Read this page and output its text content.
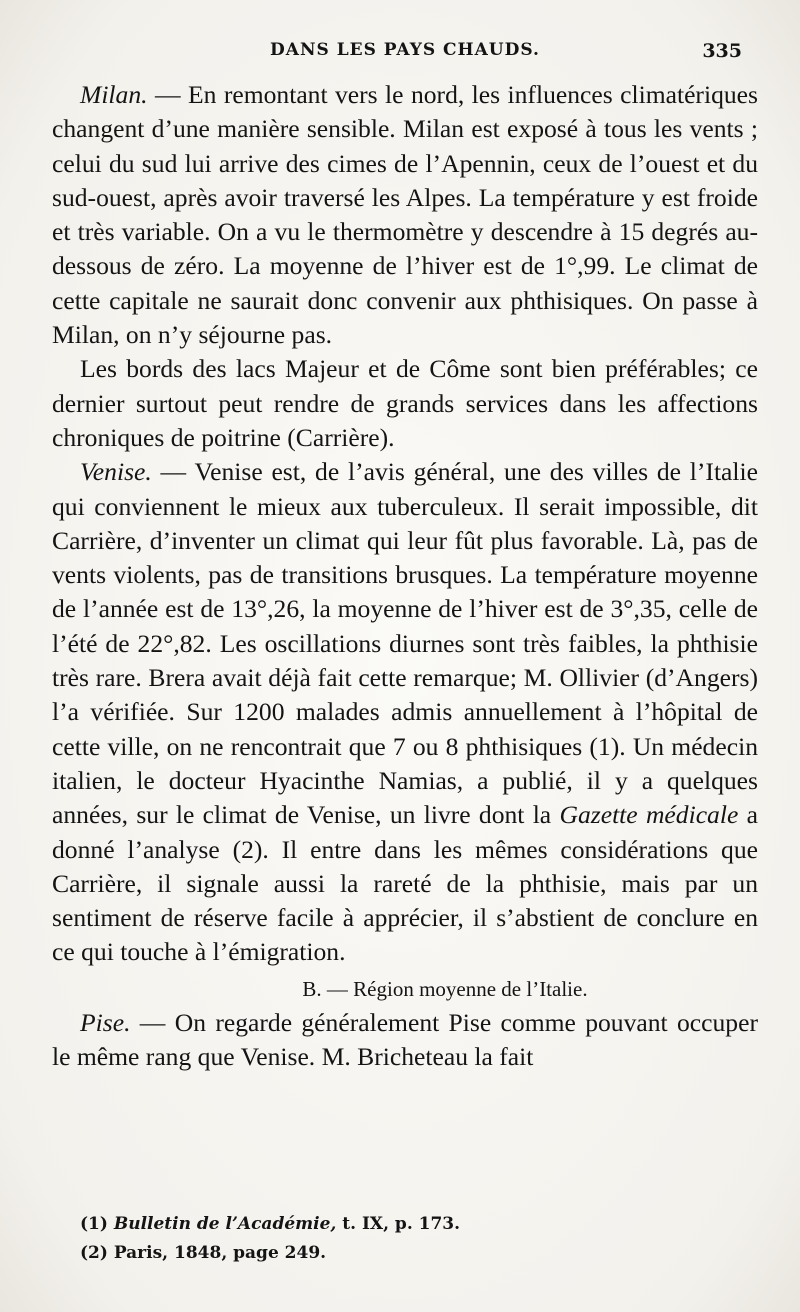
DANS LES PAYS CHAUDS.	335

Milan. — En remontant vers le nord, les influences climatériques changent d’une manière sensible. Milan est exposé à tous les vents ; celui du sud lui arrive des cimes de l’Apennin, ceux de l’ouest et du sud-ouest, après avoir traversé les Alpes. La température y est froide et très variable. On a vu le thermomètre y descendre à 15 degrés au-dessous de zéro. La moyenne de l’hiver est de 1°,99. Le climat de cette capitale ne saurait donc convenir aux phthisiques. On passe à Milan, on n’y séjourne pas.

Les bords des lacs Majeur et de Côme sont bien préférables; ce dernier surtout peut rendre de grands services dans les affections chroniques de poitrine (Carrière).

Venise. — Venise est, de l’avis général, une des villes de l’Italie qui conviennent le mieux aux tuberculeux. Il serait impossible, dit Carrière, d’inventer un climat qui leur fût plus favorable. Là, pas de vents violents, pas de transitions brusques. La température moyenne de l’année est de 13°,26, la moyenne de l’hiver est de 3°,35, celle de l’été de 22°,82. Les oscillations diurnes sont très faibles, la phthisie très rare. Brera avait déjà fait cette remarque; M. Ollivier (d’Angers) l’a vérifiée. Sur 1200 malades admis annuellement à l’hôpital de cette ville, on ne rencontrait que 7 ou 8 phthisiques (1). Un médecin italien, le docteur Hyacinthe Namias, a publié, il y a quelques années, sur le climat de Venise, un livre dont la Gazette médicale a donné l’analyse (2). Il entre dans les mêmes considérations que Carrière, il signale aussi la rareté de la phthisie, mais par un sentiment de réserve facile à apprécier, il s’abstient de conclure en ce qui touche à l’émigration.

B. — Région moyenne de l’Italie.

Pise. — On regarde généralement Pise comme pouvant occuper le même rang que Venise. M. Bricheteau la fait

(1) Bulletin de l’Académie, t. IX, p. 173.
(2) Paris, 1848, page 249.
